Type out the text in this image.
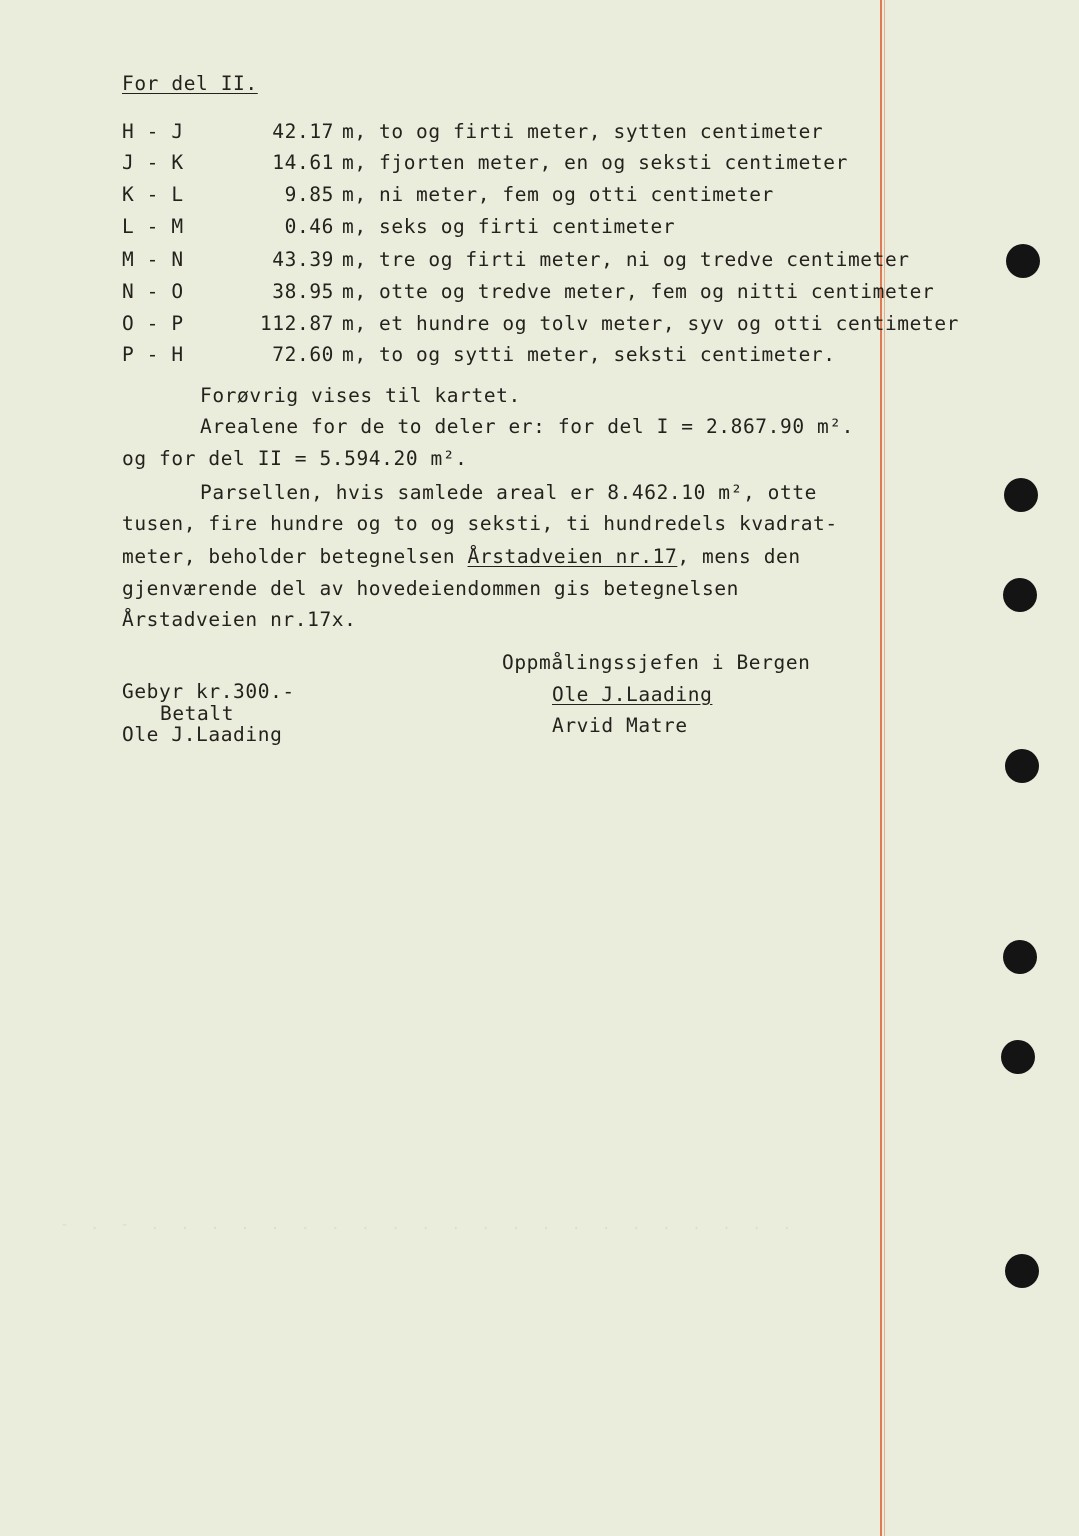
-  .  -  .  .  .  .  .  .  .  .  .  .  .  .  .  .  .  .  .  .  .  .  .  .
For del II.
H - J	42.17 m, to og firti meter, sytten centimeter
J - K	14.61 m, fjorten meter, en og seksti centimeter
K - L	9.85 m, ni meter, fem og otti centimeter
L - M	0.46 m, seks og firti centimeter
M - N	43.39 m, tre og firti meter, ni og tredve centimeter
N - O	38.95 m, otte og tredve meter, fem og nitti centimeter
O - P	112.87 m, et hundre og tolv meter, syv og otti centimeter
P - H	72.60 m, to og sytti meter, seksti centimeter.
Forøvrig vises til kartet.
Arealene for de to deler er: for del I = 2.867.90 m².
og for del II = 5.594.20 m².
Parsellen, hvis samlede areal er 8.462.10 m², otte
tusen, fire hundre og to og seksti, ti hundredels kvadrat-
meter, beholder betegnelsen Årstadveien nr.17, mens den
gjenværende del av hovedeiendommen gis betegnelsen
Årstadveien nr.17x.
Oppmålingssjefen i Bergen
Ole J.Laading
Arvid Matre
Gebyr kr.300.-
Betalt
Ole J.Laading
